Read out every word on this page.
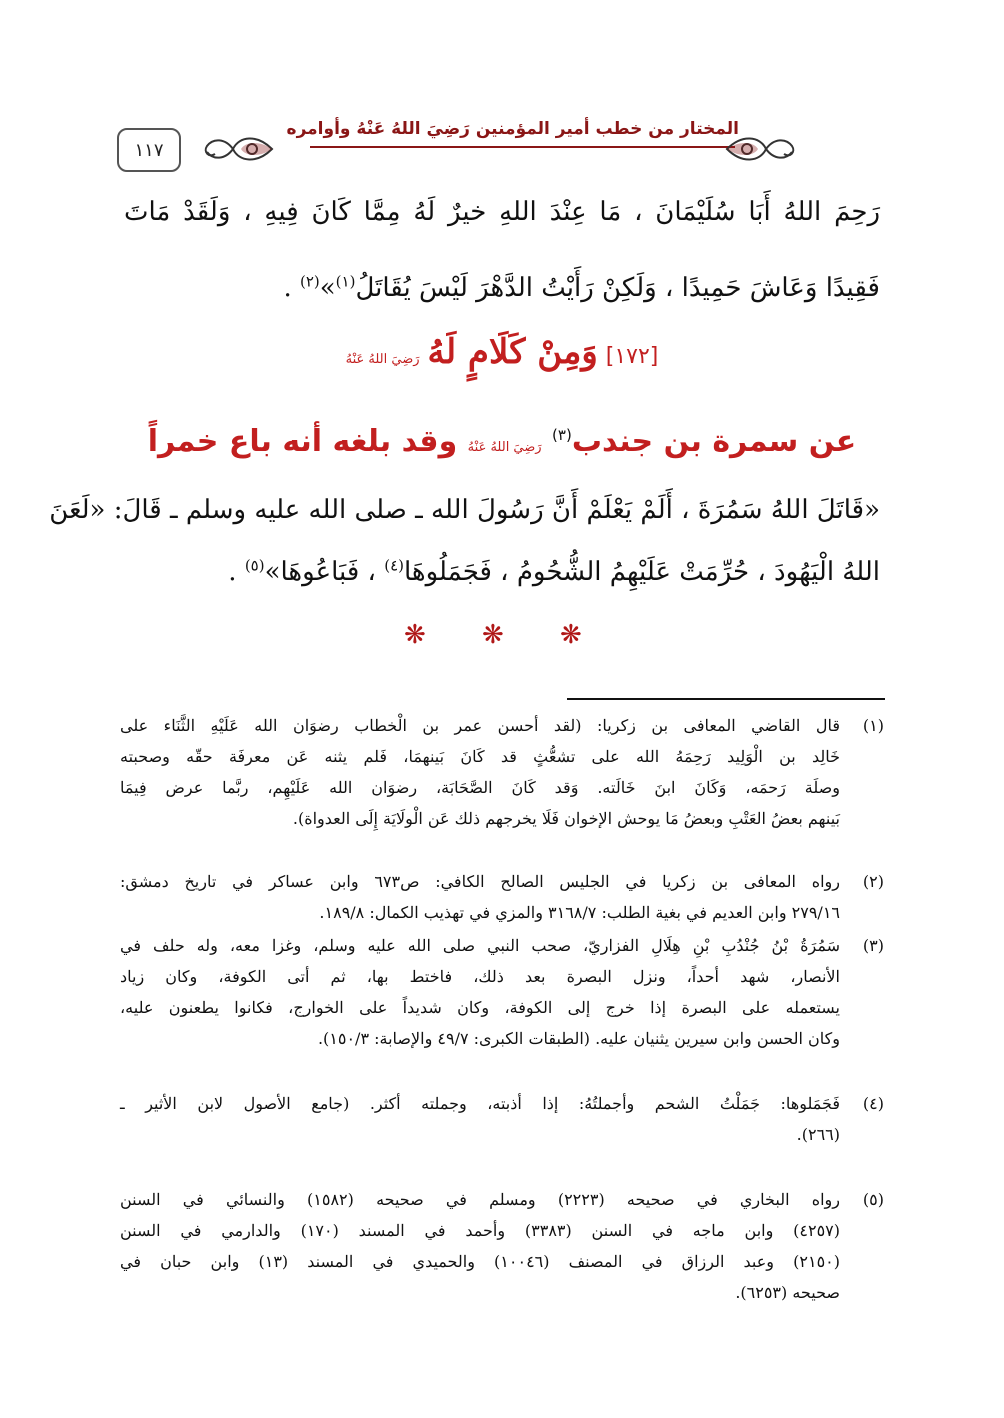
المختار من خطب أمير المؤمنين رَضِيَ اللهُ عَنْهُ وأوامره
١١٧
رَحِمَ اللهُ أَبَا سُلَيْمَانَ ، مَا عِنْدَ اللهِ خيرٌ لَهُ مِمَّا كَانَ فِيهِ ، وَلَقَدْ مَاتَ
فَقِيدًا وَعَاشَ حَمِيدًا ، وَلَكِنْ رَأَيْتُ الدَّهْرَ لَيْسَ يُقَاتَلُ$^{(١)}$»$^{(٢)}$ .
[١٧٢] وَمِنْ كَلَامٍ لَهُ رَضِيَ اللهُ عَنْهُ
عن سمرة بن جندب$^{(٣)}$ رَضِيَ اللهُ عَنْهُ وقد بلغه أنه باع خمراً
«قَاتَلَ اللهُ سَمُرَةَ ، أَلَمْ يَعْلَمْ أَنَّ رَسُولَ الله ـ صلى الله عليه وسلم ـ قَالَ: «لَعَنَ
اللهُ الْيَهُودَ ، حُرِّمَتْ عَلَيْهِمُ الشُّحُومُ ، فَجَمَلُوهَا$^{(٤)}$ ، فَبَاعُوهَا»$^{(٥)}$ .
❋ ❋ ❋
(١)
قال القاضي المعافى بن زكريا: (لقد أحسن عمر بن الْخطاب رضوَان الله عَلَيْهِ الثَّنَاء على
خَالِد بن الْوَلِيد رَحِمَهُ الله على تشعُّثٍ قد كَانَ بَينهمَا، فَلم يثنه عَن معرفَة حقّه وصحبته
وصلَة رَحمَه، وَكَانَ ابنَ خَالَته. وَقد كَانَ الصَّحَابَة، رضوَان الله عَلَيْهِم، ربَّما عرض فِيمَا
بَينهم بعضُ العَتْبِ وبعضُ مَا يوحش الإخوان فَلَا يخرجهم ذلك عَن الْولَايَة إِلَى العدواة).
(٢)
رواه المعافى بن زكريا في الجليس الصالح الكافي: ص٦٧٣ وابن عساكر في تاريخ دمشق:
٢٧٩/١٦ وابن العديم في بغية الطلب: ٣١٦٨/٧ والمزي في تهذيب الكمال: ١٨٩/٨.
(٣)
سَمُرَةُ بْنُ جُنْدُبِ بْنِ هِلَالِ الفزاريّ، صحب النبي صلى الله عليه وسلم، وغزا معه، وله حلف في
الأنصار، شهد أحداً، ونزل البصرة بعد ذلك، فاختط بها، ثم أتى الكوفة، وكان زياد
يستعمله على البصرة إذا خرج إلى الكوفة، وكان شديداً على الخوارج، فكانوا يطعنون عليه،
وكان الحسن وابن سيرين يثنيان عليه. (الطبقات الكبرى: ٤٩/٧ والإصابة: ١٥٠/٣).
(٤)
فَجَمَلوها: جَمَلْتُ الشحم وأجملتُهُ: إذا أذبته، وجملته أكثر. (جامع الأصول لابن الأثير ـ
(٢٦٦).
(٥)
رواه البخاري في صحيحه (٢٢٢٣) ومسلم في صحيحه (١٥٨٢) والنسائي في السنن
(٤٢٥٧) وابن ماجه في السنن (٣٣٨٣) وأحمد في المسند (١٧٠) والدارمي في السنن
(٢١٥٠) وعبد الرزاق في المصنف (١٠٠٤٦) والحميدي في المسند (١٣) وابن حبان في
صحيحه (٦٢٥٣).
